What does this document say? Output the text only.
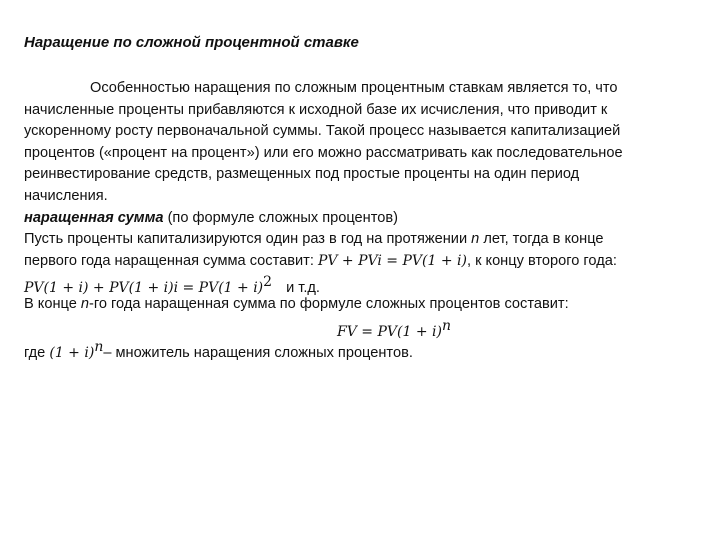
Наращение по сложной процентной ставке
Особенностью наращения по сложным процентным ставкам является то, что
начисленные проценты прибавляются к исходной базе их исчисления, что приводит к
ускоренному росту первоначальной суммы. Такой процесс называется капитализацией
процентов («процент на процент») или его можно рассматривать как последовательное
реинвестирование средств, размещенных под простые проценты на один период
начисления.
наращенная сумма (по формуле сложных процентов)
Пусть проценты капитализируются один раз в год на протяжении n лет, тогда в конце
первого года наращенная сумма составит: PV + PVi = PV(1 + i), к концу второго года:
$PV(1 + i) + PV(1 + i)i = PV(1 + i)^2$ и т.д.
В конце n-го года наращенная сумма по формуле сложных процентов составит:
FV = $PV(1 + i)^n$
где $(1 + i)^n-$ множитель наращения сложных процентов.
